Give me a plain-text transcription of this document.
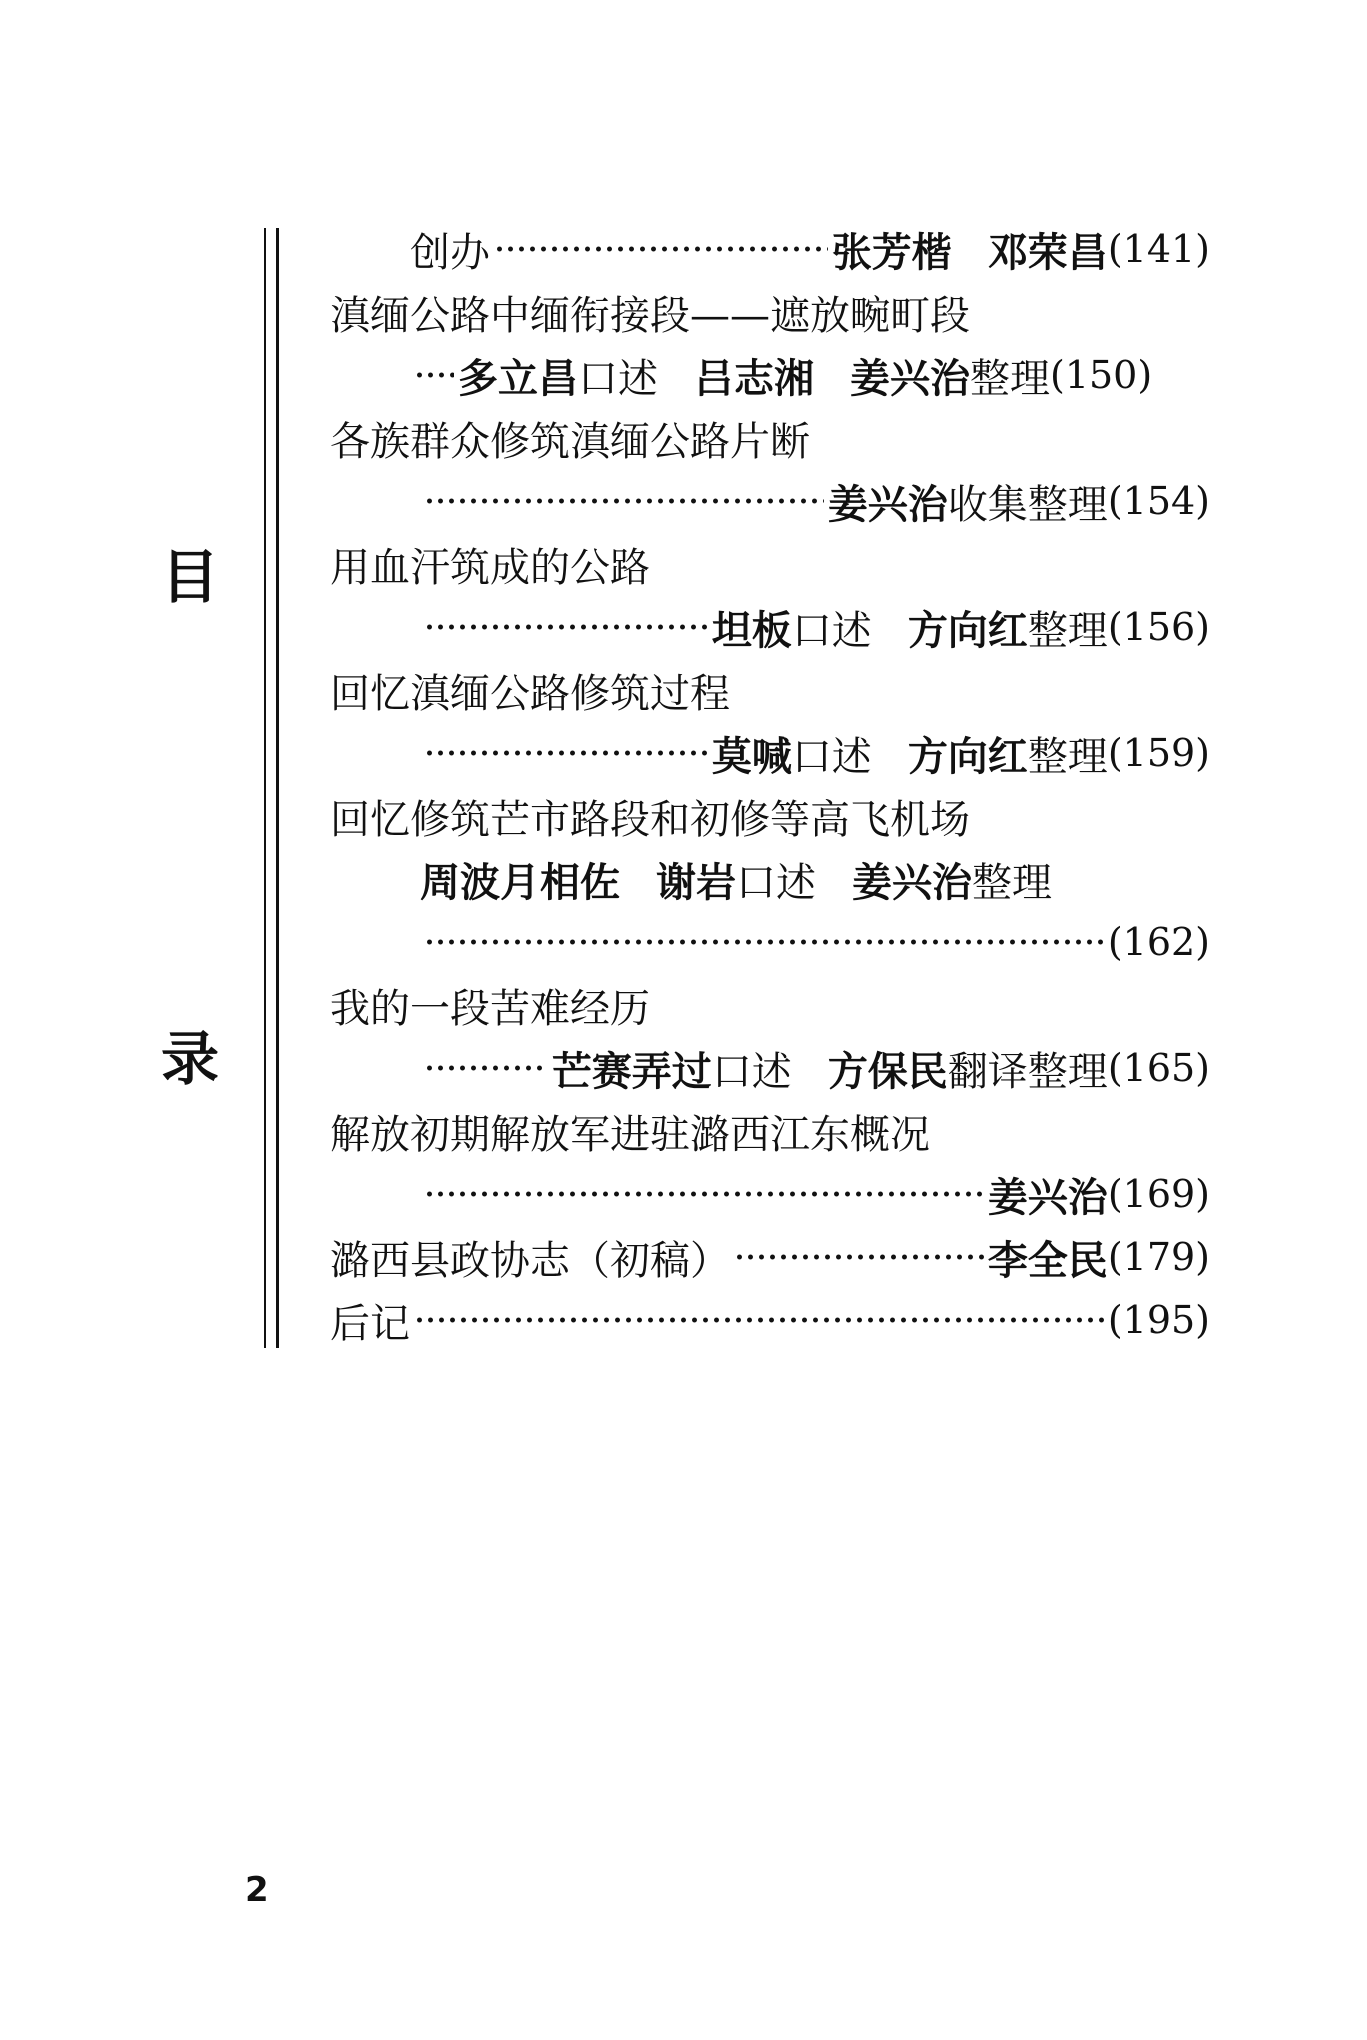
目
录
创办	张芳楷 邓荣昌 (141)
滇缅公路中缅衔接段——遮放畹町段
多立昌 口述 吕志湘 姜兴治 整理 (150)
各族群众修筑滇缅公路片断
姜兴治 收集整理 (154)
用血汗筑成的公路
坦板 口述 方向红 整理 (156)
回忆滇缅公路修筑过程
莫喊 口述 方向红 整理 (159)
回忆修筑芒市路段和初修等高飞机场
周波月相佐 谢岩 口述 姜兴治 整理
(162)
我的一段苦难经历
芒赛弄过 口述 方保民 翻译整理 (165)
解放初期解放军进驻潞西江东概况
姜兴治 (169)
潞西县政协志（初稿）	李全民 (179)
后记	(195)
2
